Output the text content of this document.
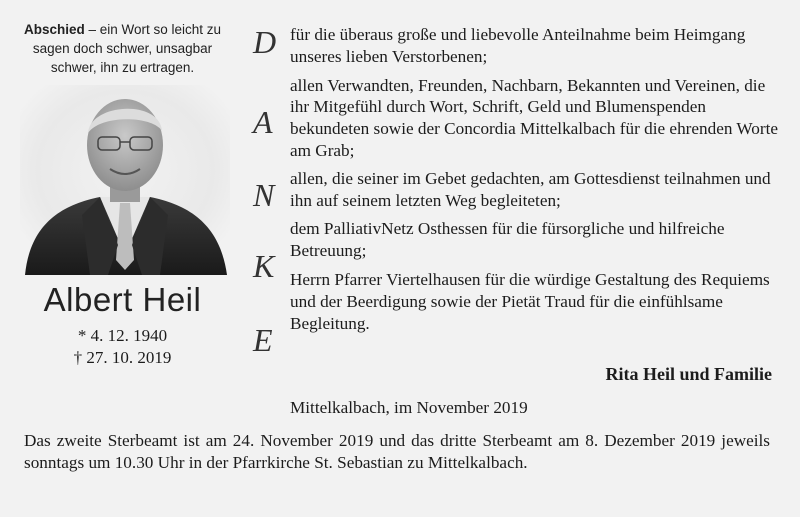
Abschied – ein Wort so leicht zu sagen doch schwer, unsagbar schwer, ihn zu ertragen.

Albert Heil
* 4. 12. 1940
† 27. 10. 2019
D
A
N
K
E

für die überaus große und liebevolle Anteilnahme beim Heimgang unseres lieben Verstorbenen;

allen Verwandten, Freunden, Nachbarn, Bekannten und Vereinen, die ihr Mitgefühl durch Wort, Schrift, Geld und Blumenspenden bekundeten sowie der Concordia Mittelkalbach für die ehrenden Worte am Grab;

allen, die seiner im Gebet gedachten, am Gottesdienst teilnahmen und ihn auf seinem letzten Weg begleiteten;

dem PalliativNetz Osthessen für die fürsorgliche und hilfreiche Betreuung;

Herrn Pfarrer Viertelhausen für die würdige Gestaltung des Requiems und der Beerdigung sowie der Pietät Traud für die einfühlsame Begleitung.

Rita Heil und Familie
Mittelkalbach, im November 2019
Das zweite Sterbeamt ist am 24. November 2019 und das dritte Sterbeamt am 8. Dezember 2019 jeweils sonntags um 10.30 Uhr in der Pfarrkirche St. Sebastian zu Mittelkalbach.
